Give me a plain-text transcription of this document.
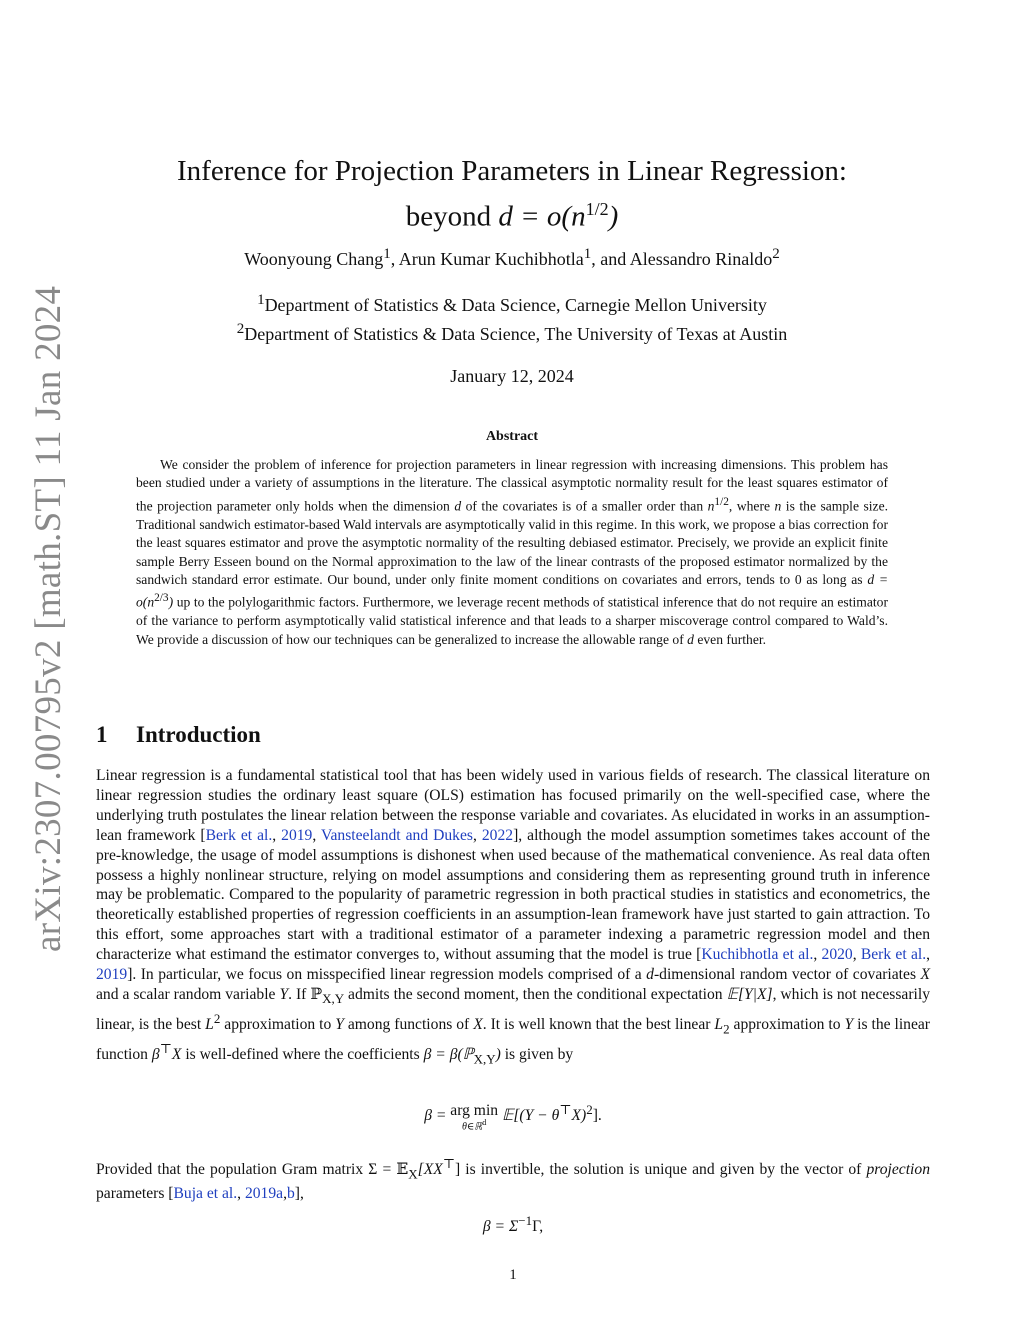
arXiv:2307.00795v2 [math.ST] 11 Jan 2024
Inference for Projection Parameters in Linear Regression:
beyond $d = o(n^{1/2})$
Woonyoung Chang$^1$, Arun Kumar Kuchibhotla$^1$, and Alessandro Rinaldo$^2$
$^1$Department of Statistics & Data Science, Carnegie Mellon University
$^2$Department of Statistics & Data Science, The University of Texas at Austin
January 12, 2024
Abstract

We consider the problem of inference for projection parameters in linear regression with increasing dimensions. This problem has been studied under a variety of assumptions in the literature. The classical asymptotic normality result for the least squares estimator of the projection parameter only holds when the dimension d of the covariates is of a smaller order than $n^{1/2}$, where n is the sample size. Traditional sandwich estimator-based Wald intervals are asymptotically valid in this regime. In this work, we propose a bias correction for the least squares estimator and prove the asymptotic normality of the resulting debiased estimator. Precisely, we provide an explicit finite sample Berry Esseen bound on the Normal approximation to the law of the linear contrasts of the proposed estimator normalized by the sandwich standard error estimate. Our bound, under only finite moment conditions on covariates and errors, tends to 0 as long as $d = o(n^{2/3})$ up to the polylogarithmic factors. Furthermore, we leverage recent methods of statistical inference that do not require an estimator of the variance to perform asymptotically valid statistical inference and that leads to a sharper miscoverage control compared to Wald’s. We provide a discussion of how our techniques can be generalized to increase the allowable range of d even further.

1 Introduction

Linear regression is a fundamental statistical tool that has been widely used in various fields of research. The classical literature on linear regression studies the ordinary least square (OLS) estimation has focused primarily on the well-specified case, where the underlying truth postulates the linear relation between the response variable and covariates. As elucidated in works in an assumption-lean framework [Berk et al., 2019, Vansteelandt and Dukes, 2022], although the model assumption sometimes takes account of the pre-knowledge, the usage of model assumptions is dishonest when used because of the mathematical convenience. As real data often possess a highly nonlinear structure, relying on model assumptions and considering them as representing ground truth in inference may be problematic. Compared to the popularity of parametric regression in both practical studies in statistics and econometrics, the theoretically established properties of regression coefficients in an assumption-lean framework have just started to gain attraction. To this effort, some approaches start with a traditional estimator of a parameter indexing a parametric regression model and then characterize what estimand the estimator converges to, without assuming that the model is true [Kuchibhotla et al., 2020, Berk et al., 2019]. In particular, we focus on misspecified linear regression models comprised of a d-dimensional random vector of covariates X and a scalar random variable Y. If ℙ$_{X,Y}$ admits the second moment, then the conditional expectation 𝔼[Y|X], which is not necessarily linear, is the best $L^2$ approximation to Y among functions of X. It is well known that the best linear $L_2$ approximation to Y is the linear function β⊤X is well-defined where the coefficients β = β(ℙ$_{X,Y}$) is given by

β = arg min
θ∈ℝ$^d$ 𝔼[(Y − θ⊤X)$^2$].

Provided that the population Gram matrix Σ = 𝔼$_X$[XX⊤] is invertible, the solution is unique and given by the vector of projection parameters [Buja et al., 2019a,b],

$\beta = \Sigma^{-1}\Gamma$,
1
